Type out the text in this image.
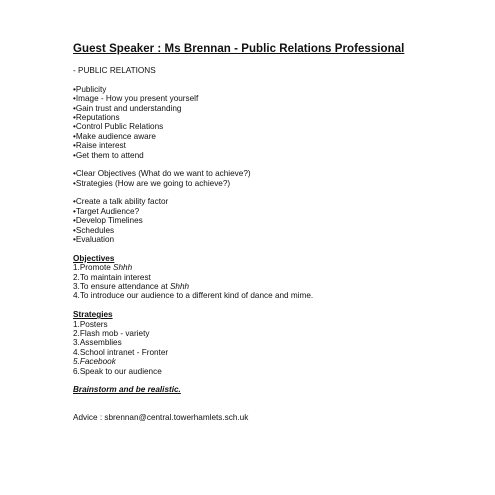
Guest Speaker : Ms Brennan - Public Relations Professional
- PUBLIC RELATIONS
•Publicity
•Image - How you present yourself
•Gain trust and understanding
•Reputations
•Control Public Relations
•Make audience aware
•Raise interest
•Get them to attend
•Clear Objectives (What do we want to achieve?)
•Strategies (How are we going to achieve?)
•Create a talk ability factor
•Target Audience?
•Develop Timelines
•Schedules
•Evaluation
Objectives
1.Promote Shhh
2.To maintain interest
3.To ensure attendance at Shhh
4.To introduce our audience to a different kind of dance and mime.
Strategies
1.Posters
2.Flash mob - variety
3.Assemblies
4.School intranet - Fronter
5.Facebook
6.Speak to our audience
Brainstorm and be realistic.
Advice : sbrennan@central.towerhamlets.sch.uk
